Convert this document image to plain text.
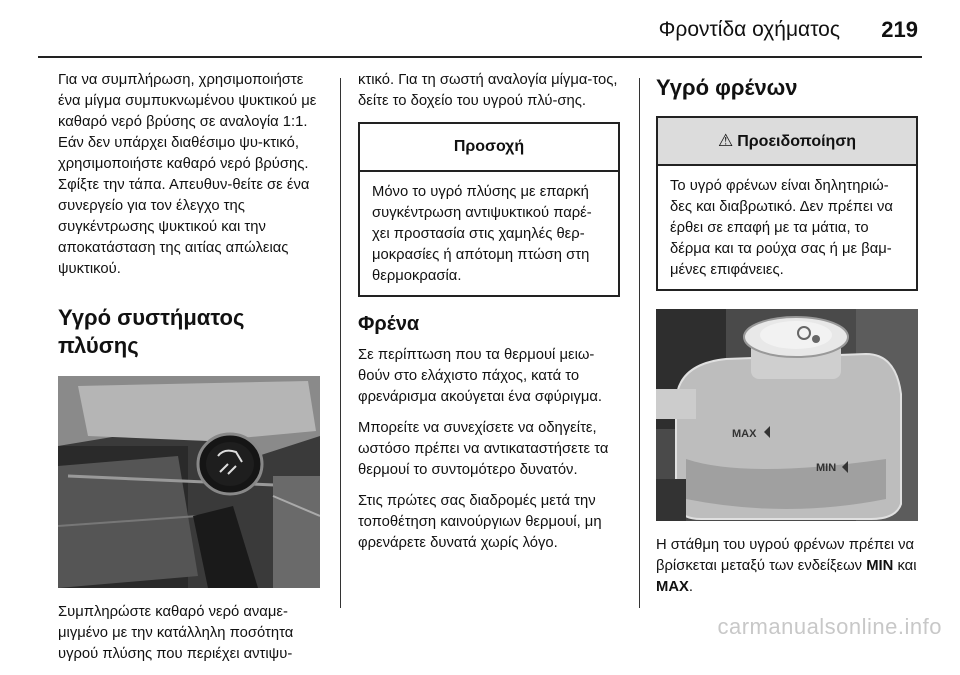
Φροντίδα οχήματος 219

Για να συμπλήρωση, χρησιμοποιήστε ένα μίγμα συμπυκνωμένου ψυκτικού με καθαρό νερό βρύσης σε αναλογία 1:1. Εάν δεν υπάρχει διαθέσιμο ψυ-κτικό, χρησιμοποιήστε καθαρό νερό βρύσης. Σφίξτε την τάπα. Απευθυν-θείτε σε ένα συνεργείο για τον έλεγχο της συγκέντρωσης ψυκτικού και την αποκατάσταση της αιτίας απώλειας ψυκτικού.

Υγρό συστήματος πλύσης

Συμπληρώστε καθαρό νερό αναμε-μιγμένο με την κατάλληλη ποσότητα υγρού πλύσης που περιέχει αντιψυ-

κτικό. Για τη σωστή αναλογία μίγμα-τος, δείτε το δοχείο του υγρού πλύ-σης.

Προσοχή

Μόνο το υγρό πλύσης με επαρκή συγκέντρωση αντιψυκτικού παρέ-χει προστασία στις χαμηλές θερ-μοκρασίες ή απότομη πτώση στη θερμοκρασία.

Φρένα

Σε περίπτωση που τα θερμουί μειω-θούν στο ελάχιστο πάχος, κατά το φρενάρισμα ακούγεται ένα σφύριγμα.

Μπορείτε να συνεχίσετε να οδηγείτε, ωστόσο πρέπει να αντικαταστήσετε τα θερμουί το συντομότερο δυνατόν.

Στις πρώτες σας διαδρομές μετά την τοποθέτηση καινούργιων θερμουί, μη φρενάρετε δυνατά χωρίς λόγο.

Υγρό φρένων
⚠ Προειδοποίηση

Το υγρό φρένων είναι δηλητηριώ-δες και διαβρωτικό. Δεν πρέπει να έρθει σε επαφή με τα μάτια, το δέρμα και τα ρούχα σας ή με βαμ-μένες επιφάνειες.

MAX
MIN

Η στάθμη του υγρού φρένων πρέπει να βρίσκεται μεταξύ των ενδείξεων MIN και MAX.

carmanualsonline.info
